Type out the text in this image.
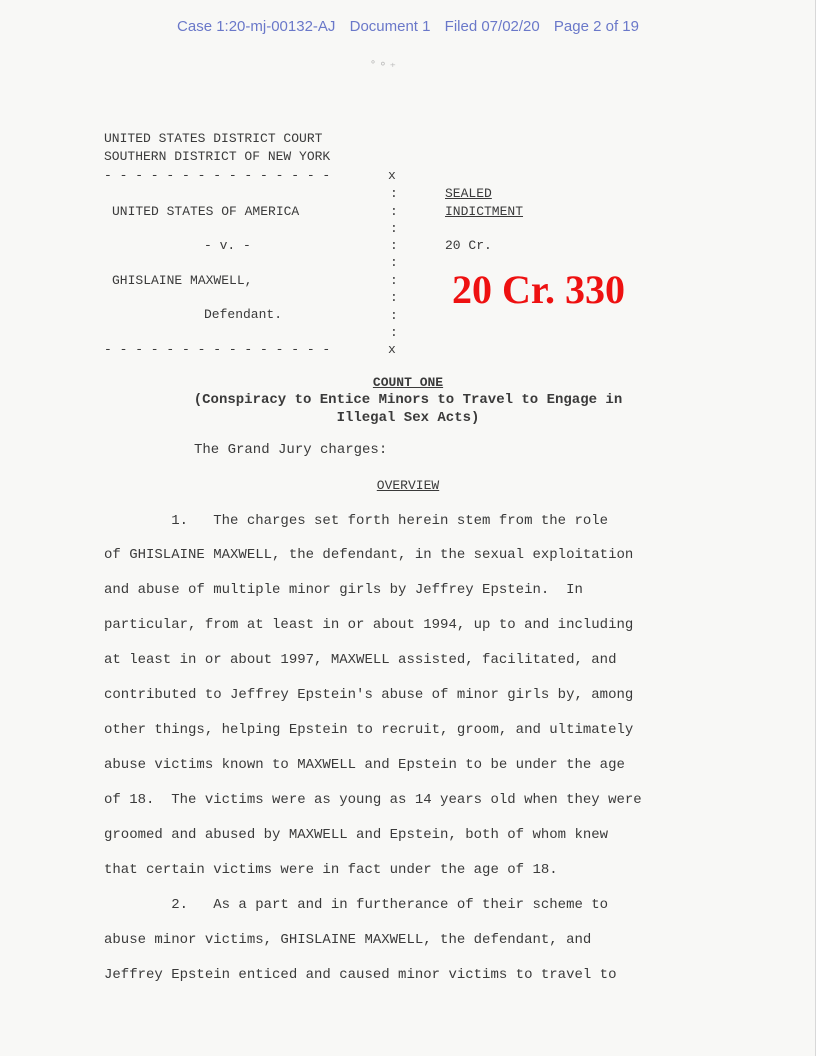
Case 1:20-mj-00132-AJ Document 1 Filed 07/02/20 Page 2 of 19
˚ ° ⁺
UNITED STATES DISTRICT COURT
SOUTHERN DISTRICT OF NEW YORK
- - - - - - - - - - - - - - -	x
:
:
:
:
:
:
:
:
:
UNITED STATES OF AMERICA
- v. -
GHISLAINE MAXWELL,
Defendant.
SEALED
INDICTMENT
20 Cr.
20 Cr. 330
- - - - - - - - - - - - - - -	x
COUNT ONE
(Conspiracy to Entice Minors to Travel to Engage in
Illegal Sex Acts)
The Grand Jury charges:
OVERVIEW
1.   The charges set forth herein stem from the role
of GHISLAINE MAXWELL, the defendant, in the sexual exploitation
and abuse of multiple minor girls by Jeffrey Epstein.  In
particular, from at least in or about 1994, up to and including
at least in or about 1997, MAXWELL assisted, facilitated, and
contributed to Jeffrey Epstein's abuse of minor girls by, among
other things, helping Epstein to recruit, groom, and ultimately
abuse victims known to MAXWELL and Epstein to be under the age
of 18.  The victims were as young as 14 years old when they were
groomed and abused by MAXWELL and Epstein, both of whom knew
that certain victims were in fact under the age of 18.
2.   As a part and in furtherance of their scheme to
abuse minor victims, GHISLAINE MAXWELL, the defendant, and
Jeffrey Epstein enticed and caused minor victims to travel to
